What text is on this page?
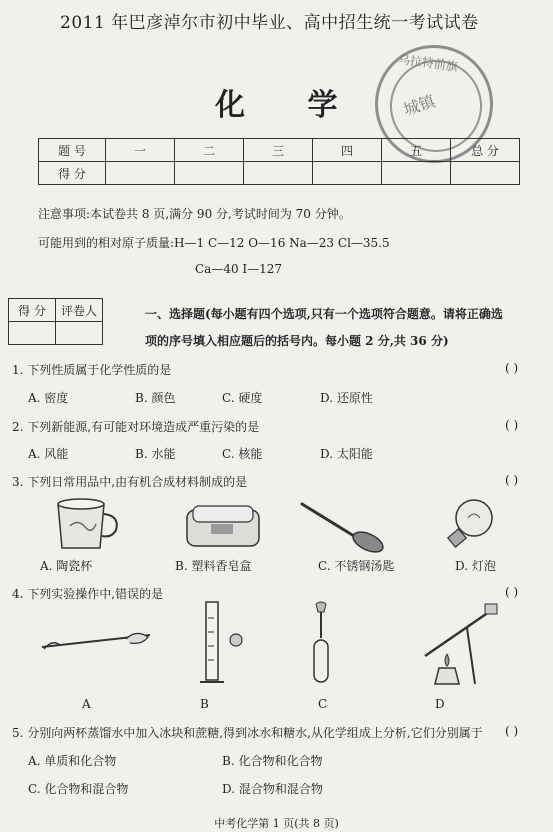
2011 年巴彦淖尔市初中毕业、高中招生统一考试试卷
化 学
乌拉特前旗
城镇
题 号	一	二	三	四	五	总 分
得 分						
注意事项:本试卷共 8 页,满分 90 分,考试时间为 70 分钟。
可能用到的相对原子质量:H—1 C—12 O—16 Na—23 Cl—35.5
Ca—40 I—127
得 分	评卷人
		一、选择题(每小题有四个选项,只有一个选项符合题意。请将正确选
项的序号填入相应题后的括号内。每小题 2 分,共 36 分)
1. 下列性质属于化学性质的是	( )
A. 密度	B. 颜色	C. 硬度	D. 还原性
2. 下列新能源,有可能对环境造成严重污染的是	( )
A. 风能	B. 水能	C. 核能	D. 太阳能
3. 下列日常用品中,由有机合成材料制成的是	( )
A. 陶瓷杯	B. 塑料香皂盒	C. 不锈钢汤匙	D. 灯泡
4. 下列实验操作中,错误的是	( )
A	B	C	D
5. 分别向两杯蒸馏水中加入冰块和蔗糖,得到冰水和糖水,从化学组成上分析,它们分别属于 ( )
A. 单质和化合物	B. 化合物和化合物
C. 化合物和混合物	D. 混合物和混合物
中考化学第 1 页(共 8 页)
